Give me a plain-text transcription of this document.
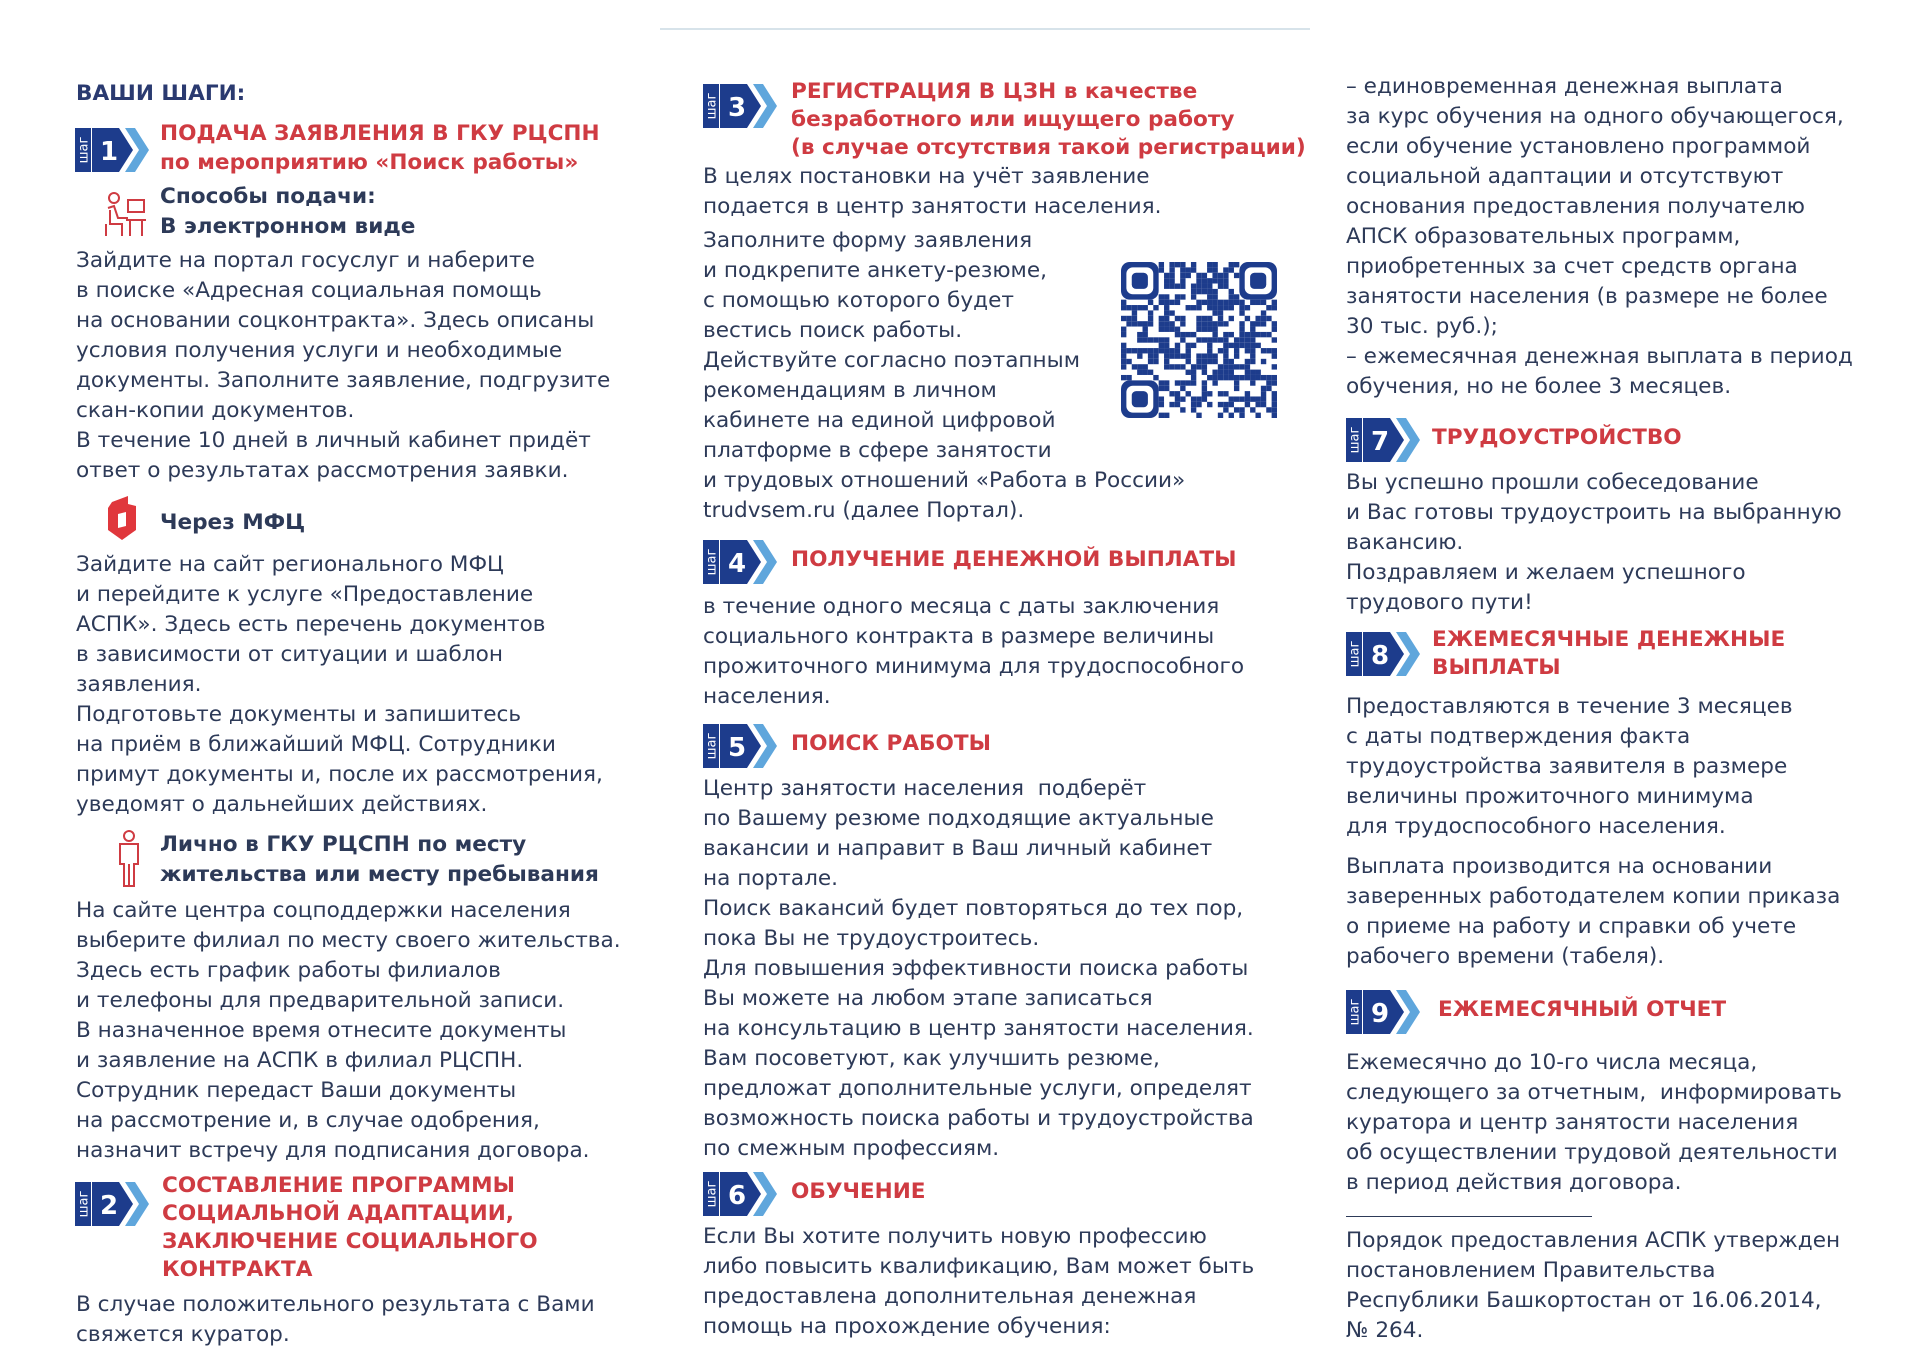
ВАШИ ШАГИ:

шаг 1

ПОДАЧА ЗАЯВЛЕНИЯ В ГКУ РЦСПН

по мероприятию «Поиск работы»

Способы подачи:

В электронном виде

Зайдите на портал госуслуг и наберите

в поиске «Адресная социальная помощь

на основании соцконтракта». Здесь описаны

условия получения услуги и необходимые

документы. Заполните заявление, подгрузите

скан-копии документов.

В течение 10 дней в личный кабинет придёт

ответ о результатах рассмотрения заявки.

Через МФЦ

Зайдите на сайт регионального МФЦ

и перейдите к услуге «Предоставление

АСПК». Здесь есть перечень документов

в зависимости от ситуации и шаблон

заявления.

Подготовьте документы и запишитесь

на приём в ближайший МФЦ. Сотрудники

примут документы и, после их рассмотрения,

уведомят о дальнейших действиях.

Лично в ГКУ РЦСПН по месту

жительства или месту пребывания

На сайте центра соцподдержки населения

выберите филиал по месту своего жительства.

Здесь есть график работы филиалов

и телефоны для предварительной записи.

В назначенное время отнесите документы

и заявление на АСПК в филиал РЦСПН.

Сотрудник передаст Ваши документы

на рассмотрение и, в случае одобрения,

назначит встречу для подписания договора.

шаг 2

СОСТАВЛЕНИЕ ПРОГРАММЫ

СОЦИАЛЬНОЙ АДАПТАЦИИ,

ЗАКЛЮЧЕНИЕ СОЦИАЛЬНОГО

КОНТРАКТА

В случае положительного результата с Вами

свяжется куратор.

шаг 3

РЕГИСТРАЦИЯ В ЦЗН в качестве

безработного или ищущего работу

(в случае отсутствия такой регистрации)

В целях постановки на учёт заявление

подается в центр занятости населения.

Заполните форму заявления

и подкрепите анкету-резюме,

с помощью которого будет

вестись поиск работы.

Действуйте согласно поэтапным

рекомендациям в личном

кабинете на единой цифровой

платформе в сфере занятости

и трудовых отношений «Работа в России»

trudvsem.ru (далее Портал).

шаг 4 ПОЛУЧЕНИЕ ДЕНЕЖНОЙ ВЫПЛАТЫ

в течение одного месяца с даты заключения

социального контракта в размере величины

прожиточного минимума для трудоспособного

населения.

шаг 5 ПОИСК РАБОТЫ

Центр занятости населения  подберёт

по Вашему резюме подходящие актуальные

вакансии и направит в Ваш личный кабинет

на портале.

Поиск вакансий будет повторяться до тех пор,

пока Вы не трудоустроитесь.

Для повышения эффективности поиска работы

Вы можете на любом этапе записаться

на консультацию в центр занятости населения.

Вам посоветуют, как улучшить резюме,

предложат дополнительные услуги, определят

возможность поиска работы и трудоустройства

по смежным профессиям.

шаг 6 ОБУЧЕНИЕ

Если Вы хотите получить новую профессию

либо повысить квалификацию, Вам может быть

предоставлена дополнительная денежная

помощь на прохождение обучения:

– единовременная денежная выплата

за курс обучения на одного обучающегося,

если обучение установлено программой

социальной адаптации и отсутствуют

основания предоставления получателю

АПСК образовательных программ,

приобретенных за счет средств органа

занятости населения (в размере не более

30 тыс. руб.);

– ежемесячная денежная выплата в период

обучения, но не более 3 месяцев.

шаг 7 ТРУДОУСТРОЙСТВО

Вы успешно прошли собеседование

и Вас готовы трудоустроить на выбранную

вакансию.

Поздравляем и желаем успешного

трудового пути!

шаг 8

ЕЖЕМЕСЯЧНЫЕ ДЕНЕЖНЫЕ

ВЫПЛАТЫ

Предоставляются в течение 3 месяцев

с даты подтверждения факта

трудоустройства заявителя в размере

величины прожиточного минимума

для трудоспособного населения.

Выплата производится на основании

заверенных работодателем копии приказа

о приеме на работу и справки об учете

рабочего времени (табеля).

шаг 9 ЕЖЕМЕСЯЧНЫЙ ОТЧЕТ

Ежемесячно до 10-го числа месяца,

следующего за отчетным,  информировать

куратора и центр занятости населения

об осуществлении трудовой деятельности

в период действия договора.

Порядок предоставления АСПК утвержден

постановлением Правительства

Республики Башкортостан от 16.06.2014,

№ 264.
